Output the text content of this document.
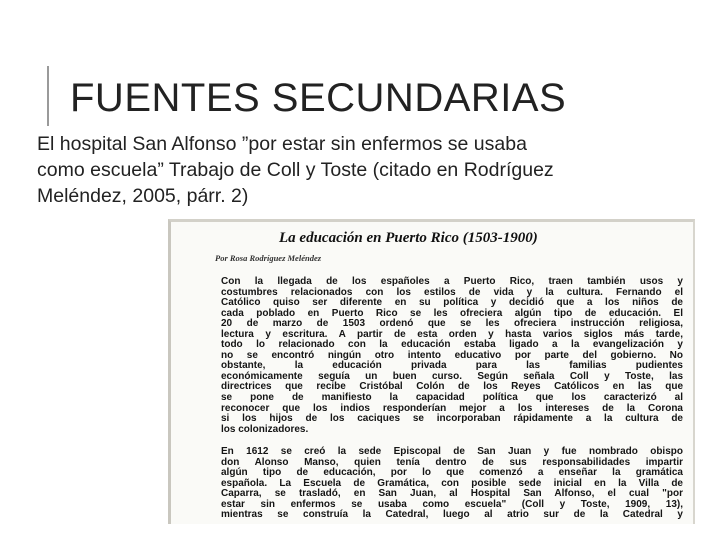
FUENTES SECUNDARIAS

El hospital San Alfonso ”por estar sin enfermos se usaba
como escuela” Trabajo de Coll y Toste (citado en Rodríguez
Meléndez, 2005, párr. 2)

La educación en Puerto Rico (1503-1900)

Por Rosa Rodríguez Meléndez

Con la llegada de los españoles a Puerto Rico, traen también usos y
costumbres relacionados con los estilos de vida y la cultura. Fernando el
Católico quiso ser diferente en su política y decidió que a los niños de
cada poblado en Puerto Rico se les ofreciera algún tipo de educación. El
20 de marzo de 1503 ordenó que se les ofreciera instrucción religiosa,
lectura y escritura. A partir de esta orden y hasta varios siglos más tarde,
todo lo relacionado con la educación estaba ligado a la evangelización y
no se encontró ningún otro intento educativo por parte del gobierno. No
obstante, la educación privada para las familias pudientes
económicamente seguía un buen curso. Según señala Coll y Toste, las
directrices que recibe Cristóbal Colón de los Reyes Católicos en las que
se pone de manifiesto la capacidad política que los caracterizó al
reconocer que los indios responderían mejor a los intereses de la Corona
si los hijos de los caciques se incorporaban rápidamente a la cultura de
los colonizadores.
En 1612 se creó la sede Episcopal de San Juan y fue nombrado obispo
don Alonso Manso, quien tenía dentro de sus responsabilidades impartir
algún tipo de educación, por lo que comenzó a enseñar la gramática
española. La Escuela de Gramática, con posible sede inicial en la Villa de
Caparra, se trasladó, en San Juan, al Hospital San Alfonso, el cual "por
estar sin enfermos se usaba como escuela" (Coll y Toste, 1909, 13),
mientras se construía la Catedral, luego al atrio sur de la Catedral y
